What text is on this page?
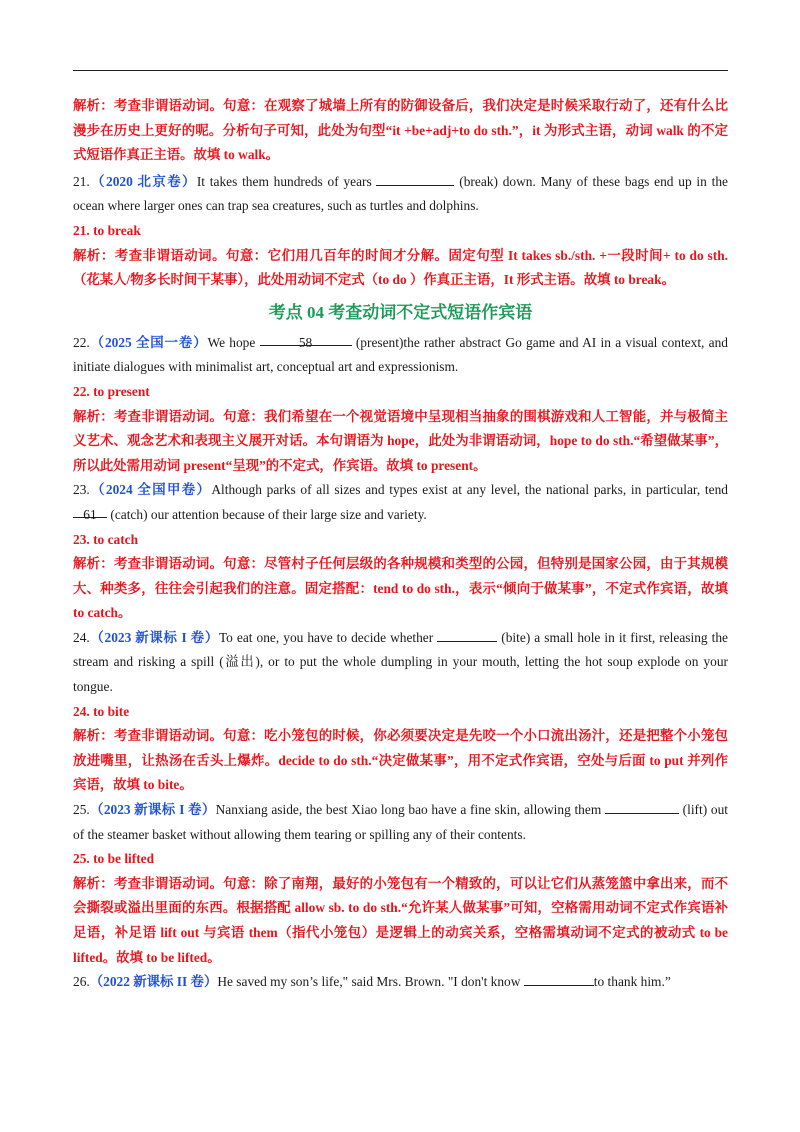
解析：考查非谓语动词。句意：在观察了城墙上所有的防御设备后，我们决定是时候采取行动了，还有什么比漫步在历史上更好的呢。分析句子可知，此处为句型“it +be+adj+to do sth.”，it 为形式主语，动词 walk 的不定式短语作真正主语。故填 to walk。

21.（2020 北京卷）It takes them hundreds of years	(break) down. Many of these bags end up in the ocean where larger ones can trap sea creatures, such as turtles and dolphins.

21. to break

解析：考查非谓语动词。句意：它们用几百年的时间才分解。固定句型 It takes sb./sth. +一段时间+ to do sth.（花某人/物多长时间干某事），此处用动词不定式（to do ）作真正主语，It 形式主语。故填 to break。

考点 04 考查动词不定式短语作宾语

22.（2025 全国一卷）We hope	58	(present)the rather abstract Go game and AI in a visual context, and initiate dialogues with minimalist art, conceptual art and expressionism.

22. to present

解析：考查非谓语动词。句意：我们希望在一个视觉语境中呈现相当抽象的围棋游戏和人工智能，并与极简主义艺术、观念艺术和表现主义展开对话。本句谓语为 hope，此处为非谓语动词，hope to do sth.“希望做某事”，所以此处需用动词 present“呈现”的不定式，作宾语。故填 to present。

23.（2024 全国甲卷）Although parks of all sizes and types exist at any level, the national parks, in particular, tend 61 (catch) our attention because of their large size and variety.

23. to catch

解析：考查非谓语动词。句意：尽管村子任何层级的各种规模和类型的公园，但特别是国家公园，由于其规模大、种类多，往往会引起我们的注意。固定搭配：tend to do sth.，表示“倾向于做某事”，不定式作宾语，故填 to catch。

24.（2023 新课标 I 卷）To eat one, you have to decide whether	(bite) a small hole in it first, releasing the stream and risking a spill (溢出), or to put the whole dumpling in your mouth, letting the hot soup explode on your tongue.

24. to bite

解析：考查非谓语动词。句意：吃小笼包的时候，你必须要决定是先咬一个小口流出汤汁，还是把整个小笼包放进嘴里，让热汤在舌头上爆炸。decide to do sth.“决定做某事”，用不定式作宾语，空处与后面 to put 并列作宾语，故填 to bite。

25.（2023 新课标 I 卷）Nanxiang aside, the best Xiao long bao have a fine skin, allowing them	(lift) out of the steamer basket without allowing them tearing or spilling any of their contents.

25. to be lifted

解析：考查非谓语动词。句意：除了南翔，最好的小笼包有一个精致的，可以让它们从蒸笼篮中拿出来，而不会撕裂或溢出里面的东西。根据搭配 allow sb. to do sth.“允许某人做某事”可知，空格需用动词不定式作宾语补足语，补足语 lift out 与宾语 them（指代小笼包）是逻辑上的动宾关系，空格需填动词不定式的被动式 to be lifted。故填 to be lifted。

26.（2022 新课标 II 卷）He saved my son’s life," said Mrs. Brown. "I don't know	to thank him.”
